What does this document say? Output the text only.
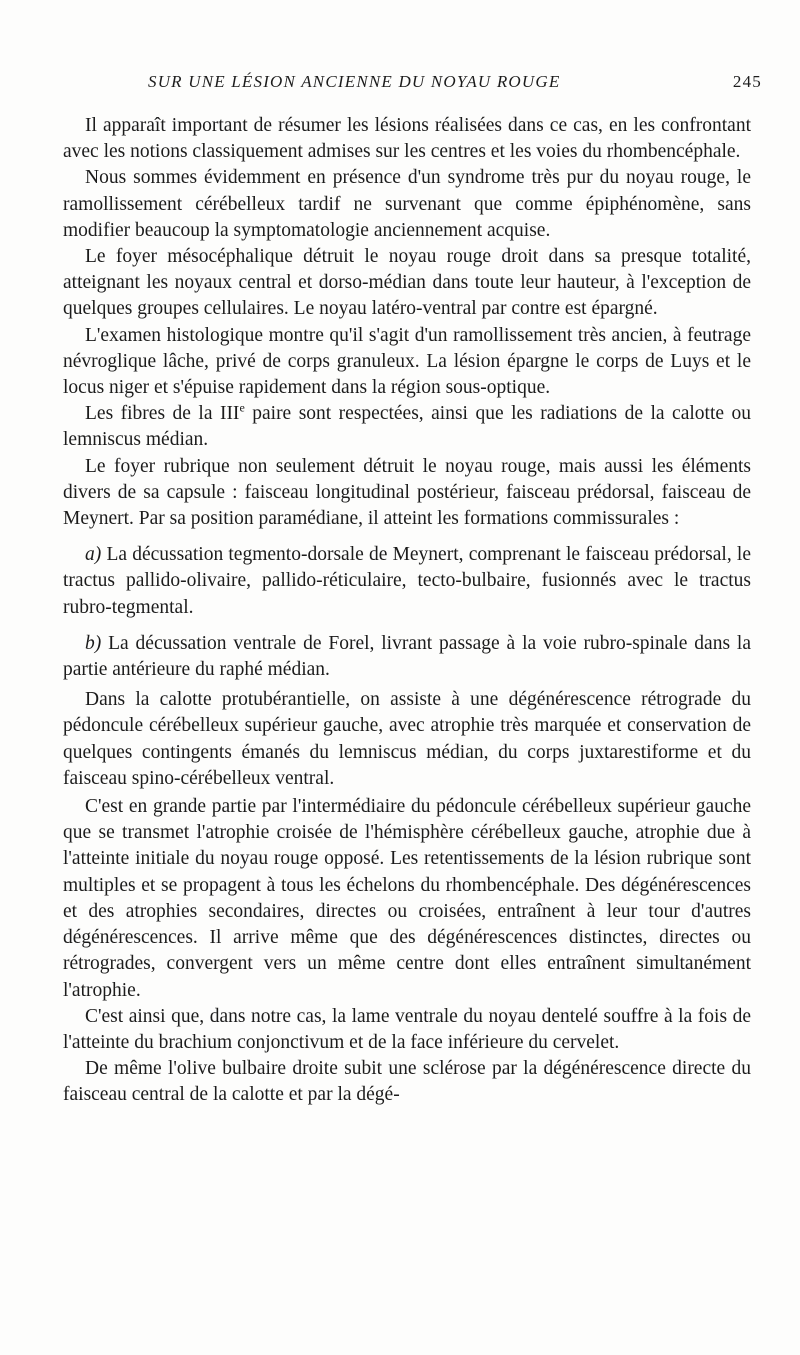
SUR UNE LÉSION ANCIENNE DU NOYAU ROUGE	245

Il apparaît important de résumer les lésions réalisées dans ce cas, en les confrontant avec les notions classiquement admises sur les centres et les voies du rhombencéphale.

Nous sommes évidemment en présence d'un syndrome très pur du noyau rouge, le ramollissement cérébelleux tardif ne survenant que comme épiphénomène, sans modifier beaucoup la symptomatologie anciennement acquise.

Le foyer mésocéphalique détruit le noyau rouge droit dans sa presque totalité, atteignant les noyaux central et dorso-médian dans toute leur hauteur, à l'exception de quelques groupes cellulaires. Le noyau latéro-ventral par contre est épargné.

L'examen histologique montre qu'il s'agit d'un ramollissement très ancien, à feutrage névroglique lâche, privé de corps granuleux. La lésion épargne le corps de Luys et le locus niger et s'épuise rapidement dans la région sous-optique.

Les fibres de la IIIe paire sont respectées, ainsi que les radiations de la calotte ou lemniscus médian.

Le foyer rubrique non seulement détruit le noyau rouge, mais aussi les éléments divers de sa capsule : faisceau longitudinal postérieur, faisceau prédorsal, faisceau de Meynert. Par sa position paramédiane, il atteint les formations commissurales :

a) La décussation tegmento-dorsale de Meynert, comprenant le faisceau prédorsal, le tractus pallido-olivaire, pallido-réticulaire, tecto-bulbaire, fusionnés avec le tractus rubro-tegmental.

b) La décussation ventrale de Forel, livrant passage à la voie rubro-spinale dans la partie antérieure du raphé médian.

Dans la calotte protubérantielle, on assiste à une dégénérescence rétrograde du pédoncule cérébelleux supérieur gauche, avec atrophie très marquée et conservation de quelques contingents émanés du lemniscus médian, du corps juxtarestiforme et du faisceau spino-cérébelleux ventral.

C'est en grande partie par l'intermédiaire du pédoncule cérébelleux supérieur gauche que se transmet l'atrophie croisée de l'hémisphère cérébelleux gauche, atrophie due à l'atteinte initiale du noyau rouge opposé. Les retentissements de la lésion rubrique sont multiples et se propagent à tous les échelons du rhombencéphale. Des dégénérescences et des atrophies secondaires, directes ou croisées, entraînent à leur tour d'autres dégénérescences. Il arrive même que des dégénérescences distinctes, directes ou rétrogrades, convergent vers un même centre dont elles entraînent simultanément l'atrophie.

C'est ainsi que, dans notre cas, la lame ventrale du noyau dentelé souffre à la fois de l'atteinte du brachium conjonctivum et de la face inférieure du cervelet.

De même l'olive bulbaire droite subit une sclérose par la dégénérescence directe du faisceau central de la calotte et par la dégé-
